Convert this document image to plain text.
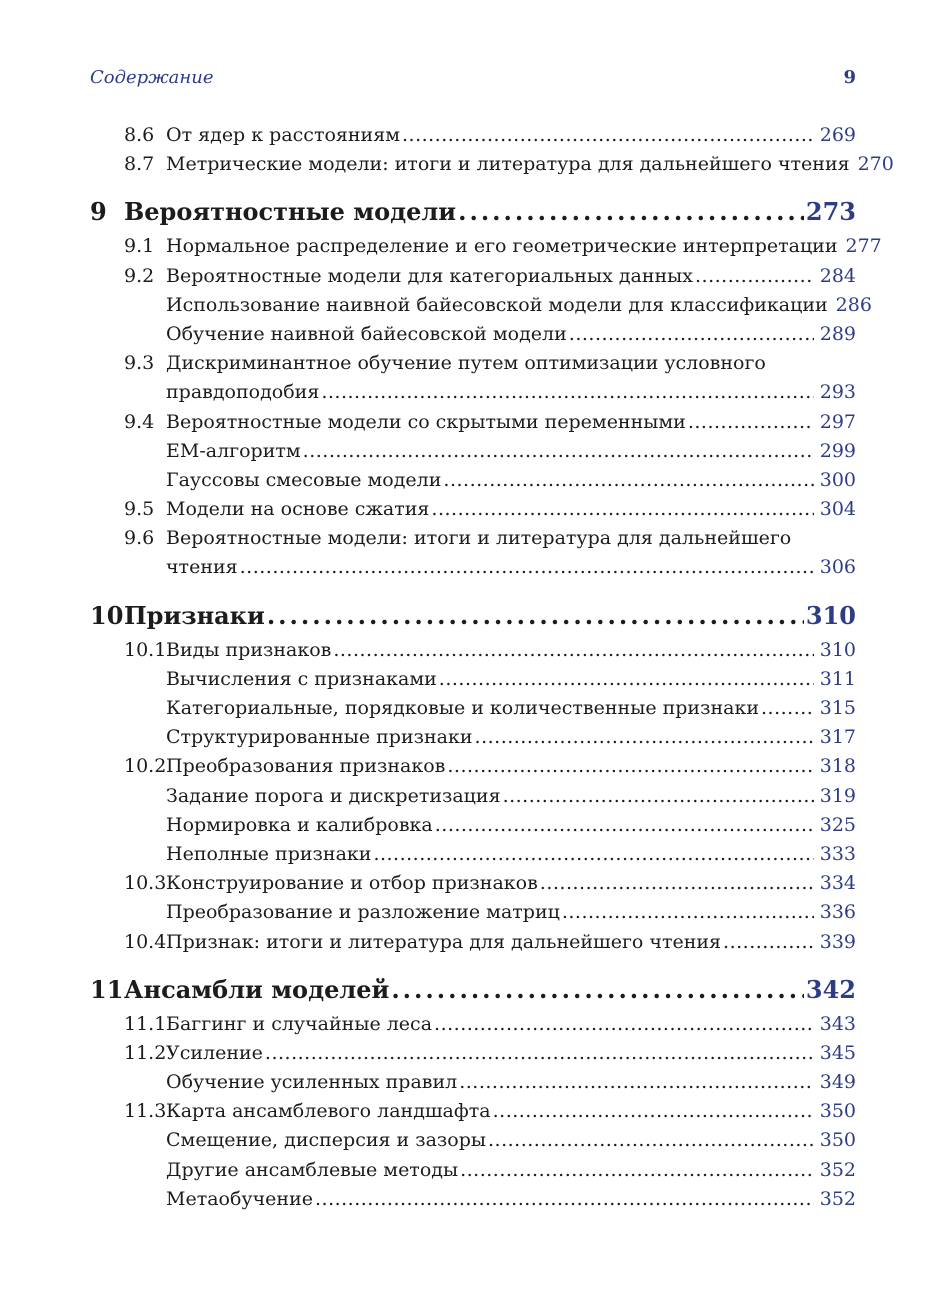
Содержание	9
8.6 От ядер к расстояниям .....	269
8.7 Метрические модели: итоги и литература для дальнейшего чтения 270
9 Вероятностные модели .....	273
9.1 Нормальное распределение и его геометрические интерпретации 277
9.2 Вероятностные модели для категориальных данных .....	284
Использование наивной байесовской модели для классификации 286
Обучение наивной байесовской модели .....	289
9.3 Дискриминантное обучение путем оптимизации условного
правдоподобия .....	293
9.4 Вероятностные модели со скрытыми переменными .....	297
EM-алгоритм .....	299
Гауссовы смесовые модели .....	300
9.5 Модели на основе сжатия .....	304
9.6 Вероятностные модели: итоги и литература для дальнейшего
чтения .....	306
10 Признаки .....	310
10.1 Виды признаков .....	310
Вычисления с признаками .....	311
Категориальные, порядковые и количественные признаки .....	315
Структурированные признаки .....	317
10.2 Преобразования признаков .....	318
Задание порога и дискретизация .....	319
Нормировка и калибровка .....	325
Неполные признаки .....	333
10.3 Конструирование и отбор признаков .....	334
Преобразование и разложение матриц .....	336
10.4 Признак: итоги и литература для дальнейшего чтения .....	339
11 Ансамбли моделей .....	342
11.1 Баггинг и случайные леса .....	343
11.2 Усиление .....	345
Обучение усиленных правил .....	349
11.3 Карта ансамблевого ландшафта .....	350
Смещение, дисперсия и зазоры .....	350
Другие ансамблевые методы .....	352
Метаобучение .....	352
